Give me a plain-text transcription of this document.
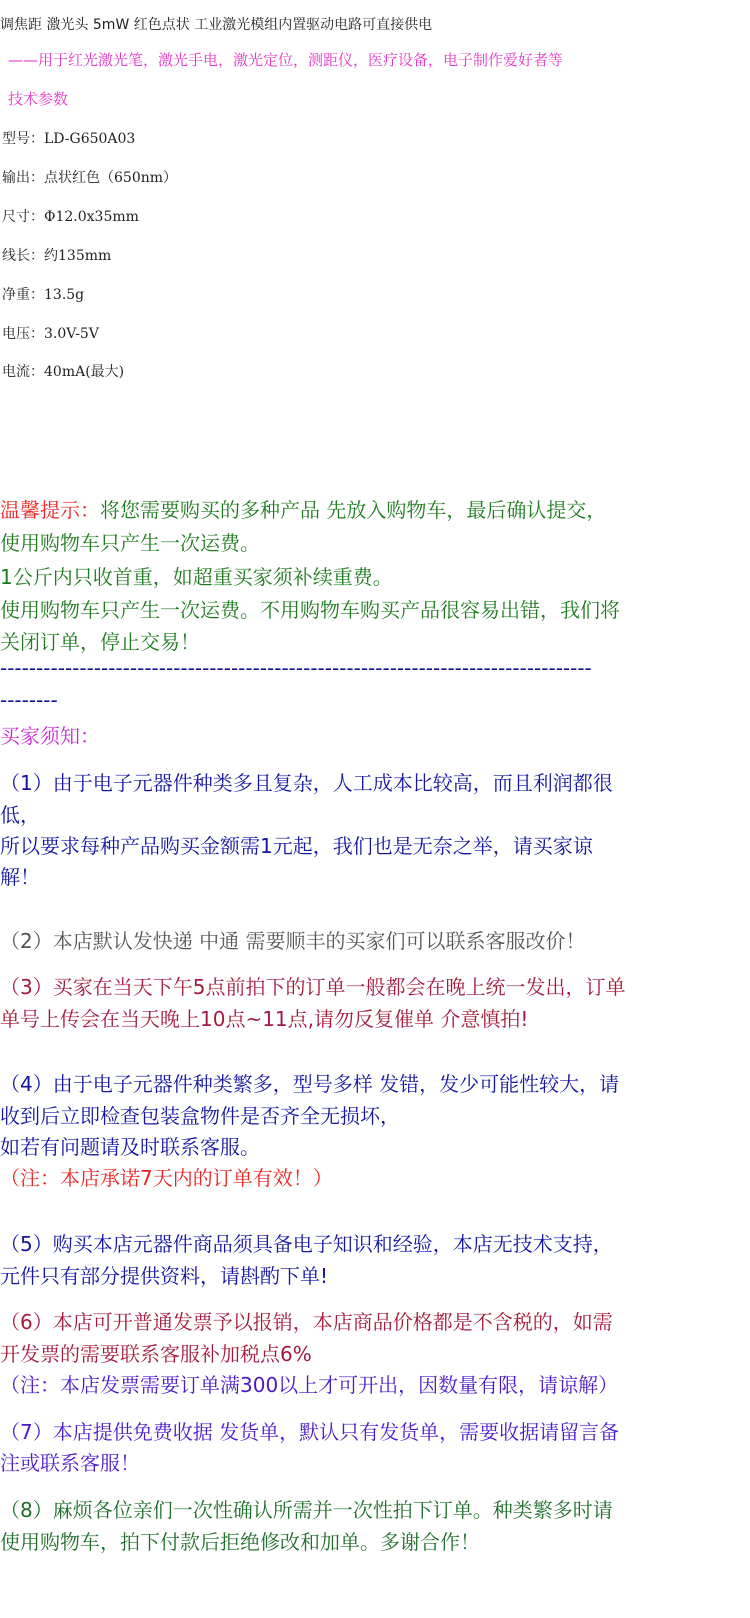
调焦距 激光头 5mW 红色点状 工业激光模组内置驱动电路可直接供电

——用于红光激光笔，激光手电，激光定位，测距仪，医疗设备，电子制作爱好者等

技术参数

型号：LD-G650A03

输出：点状红色（650nm）

尺寸：Φ12.0x35mm

线长：约135mm

净重：13.5g

电压：3.0V-5V

电流：40mA(最大)

温馨提示：将您需要购买的多种产品 先放入购物车，最后确认提交，

使用购物车只产生一次运费。

1公斤内只收首重，如超重买家须补续重费。

使用购物车只产生一次运费。不用购物车购买产品很容易出错，我们将

关闭订单，停止交易！

----------------------------------------------------------------------------------

--------

买家须知：

（1）由于电子元器件种类多且复杂，人工成本比较高，而且利润都很

低，

所以要求每种产品购买金额需1元起，我们也是无奈之举，请买家谅

解！

（2）本店默认发快递 中通 需要顺丰的买家们可以联系客服改价！

（3）买家在当天下午5点前拍下的订单一般都会在晚上统一发出，订单

单号上传会在当天晚上10点~11点,请勿反复催单 介意慎拍!

（4）由于电子元器件种类繁多，型号多样 发错，发少可能性较大，请

收到后立即检查包装盒物件是否齐全无损坏，

如若有问题请及时联系客服。

（注：本店承诺7天内的订单有效！）

（5）购买本店元器件商品须具备电子知识和经验，本店无技术支持，

元件只有部分提供资料，请斟酌下单!

（6）本店可开普通发票予以报销，本店商品价格都是不含税的，如需

开发票的需要联系客服补加税点6%

（注：本店发票需要订单满300以上才可开出，因数量有限，请谅解）

（7）本店提供免费收据 发货单，默认只有发货单，需要收据请留言备

注或联系客服！

（8）麻烦各位亲们一次性确认所需并一次性拍下订单。种类繁多时请

使用购物车，拍下付款后拒绝修改和加单。多谢合作！
